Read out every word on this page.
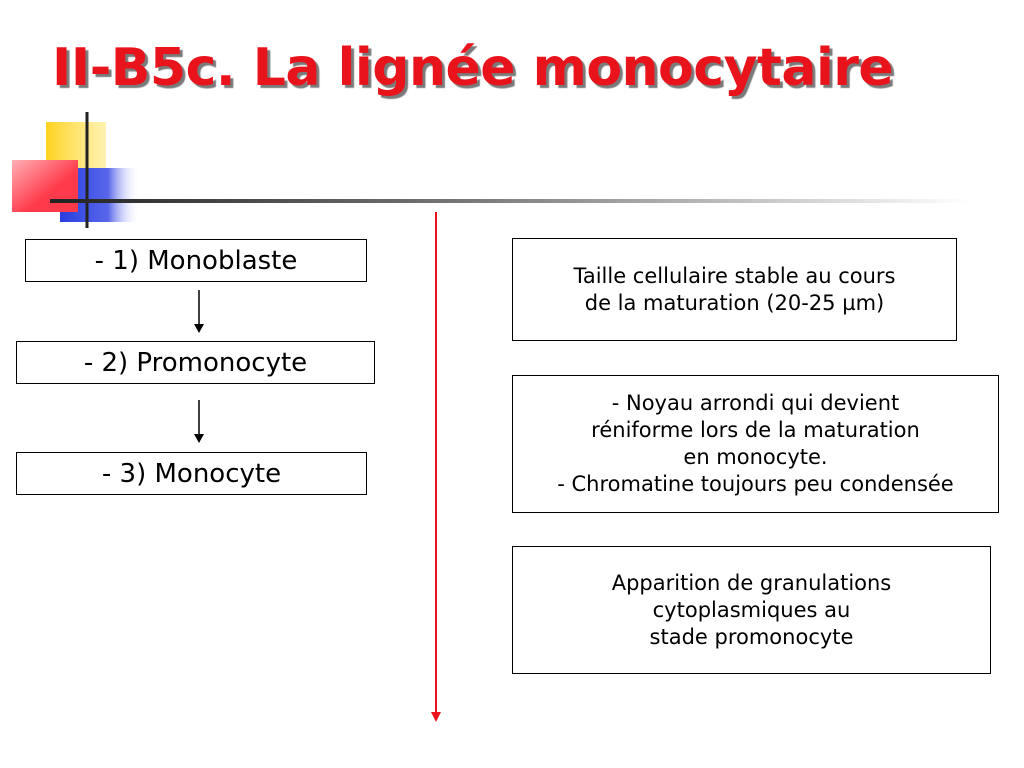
II-B5c. La lignée monocytaire
- 1) Monoblaste
- 2) Promonocyte
- 3) Monocyte
Taille cellulaire stable au cours
de la maturation (20-25 µm)
- Noyau arrondi qui devient
réniforme lors de la maturation
en monocyte.
- Chromatine toujours peu condensée
Apparition de granulations
cytoplasmiques au
stade promonocyte
